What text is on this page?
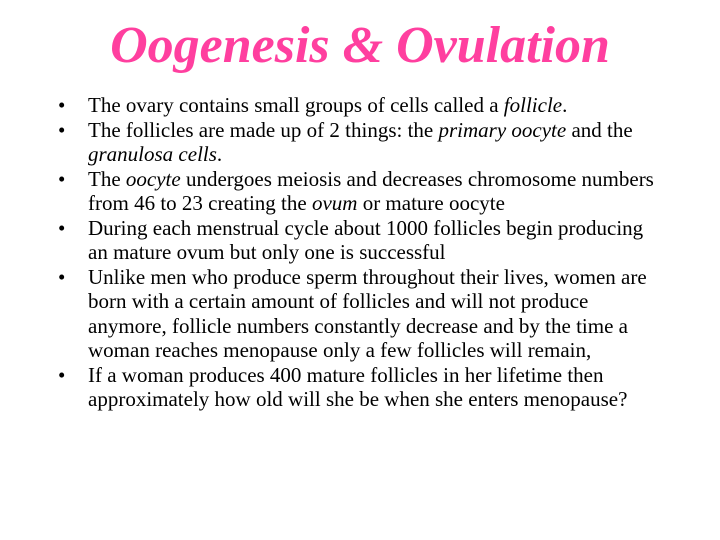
Oogenesis & Ovulation
•	The ovary contains small groups of cells called a follicle.
•	The follicles are made up of 2 things: the primary oocyte and the granulosa cells.
•	The oocyte undergoes meiosis and decreases chromosome numbers from 46 to 23 creating the ovum or mature oocyte
•	During each menstrual cycle about 1000 follicles begin producing an mature ovum but only one is successful
•	Unlike men who produce sperm throughout their lives, women are born with a certain amount of follicles and will not produce anymore, follicle numbers constantly decrease and by the time a woman reaches menopause only a few follicles will remain,
•	If a woman produces 400 mature follicles in her lifetime then approximately how old will she be when she enters menopause?
